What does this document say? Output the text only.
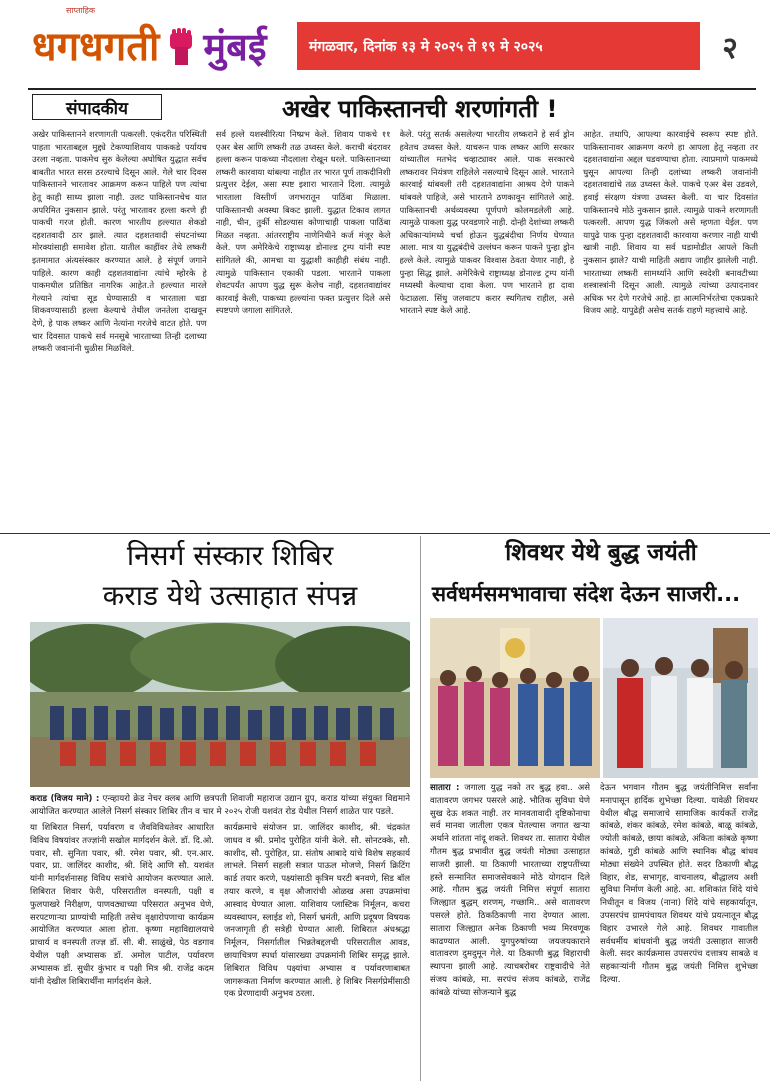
साप्ताहिक
धगधगती मुंबई	मंगळवार, दिनांक १३ मे २०२५ ते १९ मे २०२५	२
संपादकीय	अखेर पाकिस्तानची शरणांगती !
अखेर पाकिस्तानने शरणागती पत्करली. एकंदरीत परिस्थिती पाहता भारताबद्दल मुद्द्ये टेकण्याशिवाय पाककडे पर्यायच उरला नव्हता. पाकमेच सुरु केलेल्या अघोषित युद्धात सर्वच बाबतीत भारत सरस ठरल्याचे दिसून आले. गेले चार दिवस पाकिस्तानने भारतावर आक्रमण करून पाहिले पण त्यांचा हेतू काही साध्य झाला नाही. उलट पाकिस्तानचेच यात अपरिमित नुकसान झाले. परंतु भारतावर हल्ला करणे ही पाकची गरज होती. कारण भारतीय हल्ल्यात शेकडो दहशतवादी ठार झाले. त्यात दहशतवादी संघटनांच्या मोरक्यांसाही समावेश होता. यातील काहींवर तेथे लष्करी इतमामात अंत्यसंस्कार करण्यात आले. हे संपूर्ण जगाने पाहिले. कारण काही दहशतवाद्यांना त्यांचे म्होरके हे पाकमधील प्रतिष्ठित नागरिक आहेत.ते हल्ल्यात मारले गेल्याने त्यांचा सूड घेण्यासाठी व भारताला धडा शिकवण्यासाठी हल्ला केल्याचे तेथील जनतेला दाखवून देणे, हे पाक लष्कर आणि नेत्यांना गरजेचे वाटत होते. पण चार दिवसात पाकचे सर्व मनसुबे भारताच्या तिन्ही दलाच्या लष्करी जवानांनी धुळीस मिळविले.
सर्व हल्ले यशस्वीरित्या निष्प्रभ केले. शिवाय पाकचे ११ एअर बेस आणि लष्करी तळ उध्वस्त केले. कराची बंदरावर हल्ला करून पाकच्या नौदलाला रोखून धरले. पाकिस्तानच्या लष्करी कारवाया थांबल्या नाहीत तर भारत पूर्ण ताकदीनिशी प्रत्युत्तर देईल, असा स्पष्ट इशारा भारताने दिला. त्यामुळे भारताला विस्तीर्ण जगभरातून पाठिंबा मिळाला. पाकिस्तानची अवस्था बिकट झाली. युद्धात टिकाव लागत नाही, चीन, तुर्की सोडल्यास कोणाचाही पाकला पाठिंबा मिळत नव्हता. आंतरराष्ट्रीय नाणेनिधीने कर्ज मंजूर केले केले. पण अमेरिकेचे राष्ट्राध्यक्ष डोनाल्ड ट्रम्प यांनी स्पष्ट सांगितले की, आमचा या युद्धाशी काहीही संबंध नाही. त्यामुळे पाकिस्तान एकाकी पडला. भारताने पाकला शेवटपर्यंत आपण युद्ध सुरू केलेच नाही, दहशतवाद्यांवर कारवाई केली, पाकच्या हल्ल्यांना फक्त प्रत्युत्तर दिले असे स्पष्टपणे जगाला सांगितले.
केले. परंतु सतर्क असलेल्या भारतीय लष्कराने हे सर्व ड्रोन हवेतच उध्वस्त केले. याचरून पाक लष्कर आणि सरकार यांच्यातील मतभेद चव्हाट्यावर आले. पाक सरकारचे लष्करावर नियंत्रण राहिलेले नसल्याचे दिसून आले. भारताने कारवाई थांबवली तरी दहशतवाद्यांना आश्रय देणे पाकने थांबवले पाहिजे, असे भारताने ठणकावून सांगितले आहे. पाकिस्तानची अर्थव्यवस्था पूर्णपणे कोलमडलेली आहे. त्यामुळे पाकला युद्ध परवडणारे नाही. दोन्ही देशांच्या लष्करी अधिकाऱ्यांमध्ये चर्चा होऊन युद्धबंदीचा निर्णय घेण्यात आला. मात्र या युद्धबंदीचे उल्लंघन करून पाकने पुन्हा ड्रोन हल्ले केले. त्यामुळे पाकवर विश्वास ठेवता येणार नाही, हे पुन्हा सिद्ध झाले. अमेरिकेचे राष्ट्राध्यक्ष डोनाल्ड ट्रम्प यांनी मध्यस्थी केल्याचा दावा केला. पण भारताने हा दावा फेटाळला. सिंधु जलवाटप करार स्थगितच राहील, असे भारताने स्पष्ट केले आहे.
आहेत. तथापि, आपल्या कारवाईचे स्वरूप स्पष्ट होते. पाकिस्तानावर आक्रमण करणे हा आपला हेतू नव्हता तर दहशतवाद्यांना अद्दल घडवण्याचा होता. त्याप्रमाणे पाकमध्ये घुसून आपल्या तिन्ही दलांच्या लष्करी जवानांनी दहशतवाद्यांचे तळ उध्वस्त केले. पाकचे एअर बेस उडवले, हवाई संरक्षण यंत्रणा उध्वस्त केली. या चार दिवसांत पाकिस्तानचे मोठे नुकसान झाले. त्यामुळे पाकने शरणागती पत्करली. आपण युद्ध जिंकलो असे म्हणता येईल. पण यापुढे पाक पुन्हा दहशतवादी कारवाया करणार नाही याची खात्री नाही. शिवाय या सर्व घडामोडीत आपले किती नुकसान झाले? याची माहिती अद्याप जाहीर झालेली नाही. भारताच्या लष्करी सामर्थ्याने आणि स्वदेशी बनावटीच्या शस्त्रास्त्रांनी दिसून आली. त्यामुळे त्यांच्या उत्पादनावर अधिक भर देणे गरजेचे आहे. हा आत्मनिर्भरतेचा एकप्रकारे विजय आहे. यापुढेही असेच सतर्क राहणे महत्त्वाचे आहे.
निसर्ग संस्कार शिबिर
कराड येथे उत्साहात संपन्न
कराड (विजय माने) : एन्व्हायरो क्रेड नेचर क्लब आणि छत्रपती शिवाजी महाराज उद्यान ग्रुप, कराड यांच्या संयुक्त विद्यमाने आयोजित करण्यात आलेले निसर्ग संस्कार शिबिर तीन व चार मे २०२५ रोजी यशवंत रोड येथील निसर्ग शाळेत पार पडले.
या शिबिरात निसर्ग, पर्यावरण व जैवविविधतेवर आधारित विविध विषयांवर तज्ज्ञांनी सखोल मार्गदर्शन केले. डॉ. दि.ओ. पवार, सौ. सुनिता पवार, श्री. रमेश पवार, श्री. एन.आर. पवार, प्रा. जालिंदर काशीद, श्री. शिंदे आणि सौ. यशवंत यांनी मार्गदर्शनासह विविध सत्रांचे आयोजन करण्यात आले. शिबिरात शिवार फेरी, परिसरातील वनस्पती, पक्षी व फुलपाखरे निरीक्षण, पाणवठ्याच्या परिसरात अनुभव घेणे, सरपटणाऱ्या प्राण्यांची माहिती तसेच वृक्षारोपणाचा कार्यक्रम आयोजित करण्यात आला होता. कृष्णा महाविद्यालयाचे प्राचार्य व वनस्पती तज्ज्ञ डॉ. सी. बी. साळुंखे, पेठ वडगाव येथील पक्षी अभ्यासक डॉ. अमोल पाटील, पर्यावरण अभ्यासक डॉ. सुधीर कुंभार व पक्षी मित्र श्री. राजेंद्र कदम यांनी देखील शिबिरार्थींना मार्गदर्शन केले.
कार्यक्रमाचे संयोजन प्रा. जालिंदर काशीद, श्री. चंद्रकांत जाधव व श्री. प्रमोद पुरोहित यांनी केले. सौ. सोनटक्के, सौ. काशीद, सौ. पुरोहित, प्रा. संतोष आबादे यांचे विशेष सहकार्य लाभले. निसर्ग सहली सत्रात पाऊल मोजणे, निसर्ग क्रिटिंग कार्ड तयार करणे, पक्ष्यांसाठी कृत्रिम घरटी बनवणे, सिड बॉल तयार करणे, व वृक्ष औजारांची ओळख असा उपक्रमांचा आस्वाद घेण्यात आला. याशिवाय प्लास्टिक निर्मूलन, कचरा व्यवस्थापन, स्लाईड शो, निसर्ग भ्रमंती, आणि प्रदूषण विषयक जनजागृती ही सत्रेही घेण्यात आली. शिबिरात अंधश्रद्धा निर्मूलन, निसर्गातील भिन्नतेबद्दलची परिसरातील आवड, छायाचित्रण स्पर्धा यांसारख्या उपक्रमांनी शिबिर समृद्ध झाले. शिबिरात विविध पक्ष्यांचा अभ्यास व पर्यावरणाबाबत जागरूकता निर्माण करण्यात आली. हे शिबिर निसर्गप्रेमींसाठी एक प्रेरणादायी अनुभव ठरला.
शिवथर येथे बुद्ध जयंती
सर्वधर्मसमभावाचा संदेश देऊन साजरी...
सातारा : जगाला युद्ध नको तर बुद्ध हवा.. असे वातावरण जगभर पसरले आहे. भौतिक सुविधा घेणे सुख देऊ शकत नाही. तर मानवतावादी दृष्टिकोनाचा सर्व मानवा जातीला एकत्र घेतल्यास जगात खऱ्या अर्थाने शांतता नांदू शकते. शिवथर ता. सातारा येथील गौतम बुद्ध प्रभावीत बुद्ध जयंती मोठ्या उत्साहात साजरी झाली. या ठिकाणी भारताच्या राष्ट्रपतींच्या हस्ते सन्मानित समाजसेवकाने मोठे योगदान दिले आहे. गौतम बुद्ध जयंती निमित्त संपूर्ण सातारा जिल्ह्यात बुद्धम् शरणम्, गच्छामि.. असे वातावरण पसरले होते. ठिकठिकाणी नारा देण्यात आला. सातारा जिल्ह्यात अनेक ठिकाणी भव्य मिरवणूक काढण्यात आली. युगपुरुषांच्या जयजयकाराने वातावरण दुमदुमून गेले. या ठिकाणी बुद्ध विहाराची स्थापना झाली आहे. त्याचबरोबर राष्ट्रवादीचे नेते संजय कांबळे, मा. सरपंच संजय कांबळे, राजेंद्र कांबळे यांच्या सोजन्याने बुद्ध
देऊन भगवान गौतम बुद्ध जयंतीनिमित्त सर्वांना मनापासून हार्दिक शुभेच्छा दिल्या. यावेळी शिवथर येथील बौद्ध समाजाचे सामाजिक कार्यकर्ते राजेंद्र कांबळे, शंकर कांबळे, रमेश कांबळे, बाळू कांबळे, ज्योती कांबळे, छाया कांबळे, अंकिता कांबळे कृष्णा कांबळे, गुडी कांबळे आणि स्थानिक बौद्ध बांधव मोठ्या संख्येने उपस्थित होते. सदर ठिकाणी बौद्ध विहार, शेड, सभागृह, वाचनालय, बौद्धालय अशी सुविधा निर्माण केली आहे. आ. शशिकांत शिंदे यांचे निधीतून व विजय (नाना) शिंदे यांचे सहकार्यातून, उपसरपंच ग्रामपंचायत शिवथर यांचे प्रयत्नातून बौद्ध विहार उभारले गेले आहे. शिवथर गावातील सर्वधर्मीय बांधवांनी बुद्ध जयंती उत्साहात साजरी केली. सदर कार्यक्रमास उपसरपंच दत्तात्रय साबळे व सहकाऱ्यांनी गौतम बुद्ध जयंती निमित्त शुभेच्छा दिल्या.
